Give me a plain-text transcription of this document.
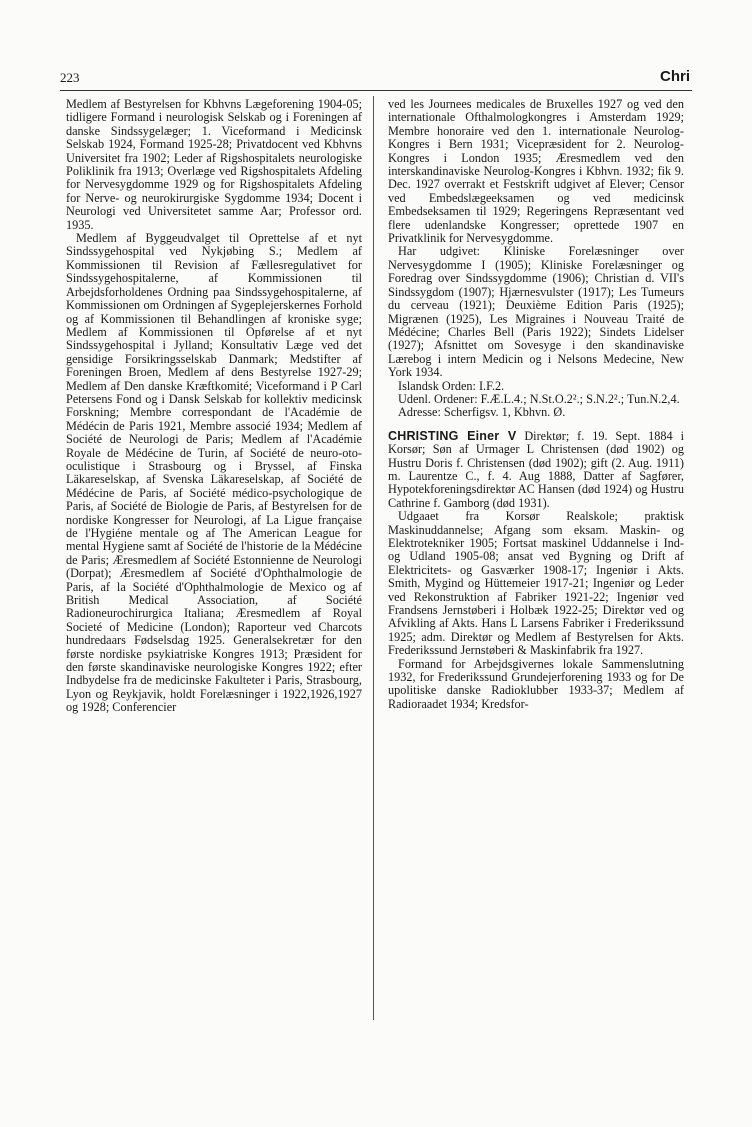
223	Chri

Medlem af Bestyrelsen for Kbhvns Lægeforening 1904-05; tidligere Formand i neurologisk Selskab og i Foreningen af danske Sindssygelæger; 1. Viceformand i Medicinsk Selskab 1924, Formand 1925-28; Privatdocent ved Kbhvns Universitet fra 1902; Leder af Rigshospitalets neurologiske Poliklinik fra 1913; Overlæge ved Rigshospitalets Afdeling for Nervesygdomme 1929 og for Rigshospitalets Afdeling for Nerve- og neurokirurgiske Sygdomme 1934; Docent i Neurologi ved Universitetet samme Aar; Professor ord. 1935.

Medlem af Byggeudvalget til Oprettelse af et nyt Sindssygehospital ved Nykjøbing S.; Medlem af Kommissionen til Revision af Fællesregulativet for Sindssygehospitalerne, af Kommissionen til Arbejdsforholdenes Ordning paa Sindssygehospitalerne, af Kommissionen om Ordningen af Sygeplejerskernes Forhold og af Kommissionen til Behandlingen af kroniske syge; Medlem af Kommissionen til Opførelse af et nyt Sindssygehospital i Jylland; Konsultativ Læge ved det gensidige Forsikringsselskab Danmark; Medstifter af Foreningen Broen, Medlem af dens Bestyrelse 1927-29; Medlem af Den danske Kræftkomité; Viceformand i P Carl Petersens Fond og i Dansk Selskab for kollektiv medicinsk Forskning; Membre correspondant de l'Académie de Médécin de Paris 1921, Membre associé 1934; Medlem af Société de Neurologi de Paris; Medlem af l'Académie Royale de Médécine de Turin, af Société de neuro-oto-oculistique i Strasbourg og i Bryssel, af Finska Läkareselskap, af Svenska Läkareselskap, af Société de Médécine de Paris, af Société médico-psychologique de Paris, af Société de Biologie de Paris, af Bestyrelsen for de nordiske Kongresser for Neurologi, af La Ligue française de l'Hygiéne mentale og af The American League for mental Hygiene samt af Société de l'historie de la Médécine de Paris; Æresmedlem af Société Estonnienne de Neurologi (Dorpat); Æresmedlem af Société d'Ophthalmologie de Paris, af la Société d'Ophthalmologie de Mexico og af British Medical Association, af Société Radioneurochirurgica Italiana; Æresmedlem af Royal Societé of Medicine (London); Raporteur ved Charcots hundredaars Fødselsdag 1925. Generalsekretær for den første nordiske psykiatriske Kongres 1913; Præsident for den første skandinaviske neurologiske Kongres 1922; efter Indbydelse fra de medicinske Fakulteter i Paris, Strasbourg, Lyon og Reykjavik, holdt Forelæsninger i 1922,1926,1927 og 1928; Conferencier

ved les Journees medicales de Bruxelles 1927 og ved den internationale Ofthalmologkongres i Amsterdam 1929; Membre honoraire ved den 1. internationale Neurolog-Kongres i Bern 1931; Vicepræsident for 2. Neurolog-Kongres i London 1935; Æresmedlem ved den interskandinaviske Neurolog-Kongres i Kbhvn. 1932; fik 9. Dec. 1927 overrakt et Festskrift udgivet af Elever; Censor ved Embedslægeeksamen og ved medicinsk Embedseksamen til 1929; Regeringens Repræsentant ved flere udenlandske Kongresser; oprettede 1907 en Privatklinik for Nervesygdomme.

Har udgivet: Kliniske Forelæsninger over Nervesygdomme I (1905); Kliniske Forelæsninger og Foredrag over Sindssygdomme (1906); Christian d. VII's Sindssygdom (1907); Hjærnesvulster (1917); Les Tumeurs du cerveau (1921); Deuxième Edition Paris (1925); Migrænen (1925), Les Migraines i Nouveau Traité de Médécine; Charles Bell (Paris 1922); Sindets Lidelser (1927); Afsnittet om Sovesyge i den skandinaviske Lærebog i intern Medicin og i Nelsons Medecine, New York 1934.

Islandsk Orden: I.F.2.

Udenl. Ordener: F.Æ.L.4.; N.St.O.2².; S.N.2².; Tun.N.2,4.

Adresse: Scherfigsv. 1, Kbhvn. Ø.

CHRISTING Einer V Direktør; f. 19. Sept. 1884 i Korsør; Søn af Urmager L Christensen (død 1902) og Hustru Doris f. Christensen (død 1902); gift (2. Aug. 1911) m. Laurentze C., f. 4. Aug 1888, Datter af Sagfører, Hypotekforeningsdirektør AC Hansen (død 1924) og Hustru Cathrine f. Gamborg (død 1931).

Udgaaet fra Korsør Realskole; praktisk Maskinuddannelse; Afgang som eksam. Maskin- og Elektrotekniker 1905; Fortsat maskinel Uddannelse i Ind- og Udland 1905-08; ansat ved Bygning og Drift af Elektricitets- og Gasværker 1908-17; Ingeniør i Akts. Smith, Mygind og Hüttemeier 1917-21; Ingeniør og Leder ved Rekonstruktion af Fabriker 1921-22; Ingeniør ved Frandsens Jernstøberi i Holbæk 1922-25; Direktør ved og Afvikling af Akts. Hans L Larsens Fabriker i Frederikssund 1925; adm. Direktør og Medlem af Bestyrelsen for Akts. Frederikssund Jernstøberi & Maskinfabrik fra 1927.

Formand for Arbejdsgivernes lokale Sammenslutning 1932, for Frederikssund Grundejerforening 1933 og for De upolitiske danske Radioklubber 1933-37; Medlem af Radioraadet 1934; Kredsfor-
